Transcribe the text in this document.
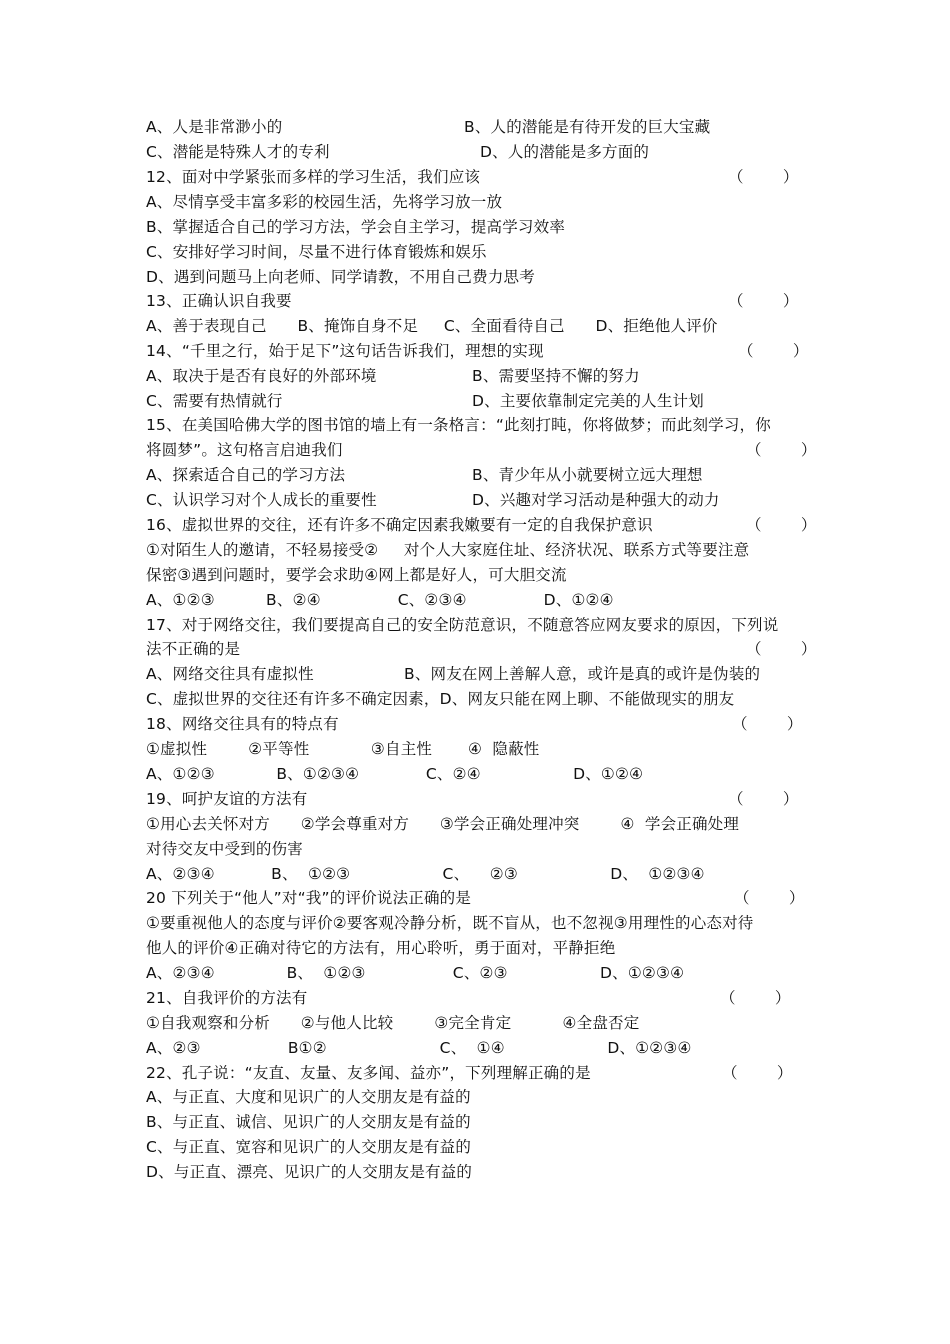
A、人是非常渺小的
C、潜能是特殊人才的专利
12、面对中学紧张而多样的学习生活，我们应该
A、尽情享受丰富多彩的校园生活，先将学习放一放
B、掌握适合自己的学习方法，学会自主学习，提高学习效率
C、安排好学习时间，尽量不进行体育锻炼和娱乐
D、遇到问题马上向老师、同学请教，不用自己费力思考
13、正确认识自我要
A、善于表现自己      B、掩饰自身不足     C、全面看待自己      D、拒绝他人评价
14、“千里之行，始于足下”这句话告诉我们，理想的实现
A、取决于是否有良好的外部环境
C、需要有热情就行
15、在美国哈佛大学的图书馆的墙上有一条格言：“此刻打盹，你将做梦；而此刻学习，你
将圆梦”。这句格言启迪我们
A、探索适合自己的学习方法
C、认识学习对个人成长的重要性
16、虚拟世界的交往，还有许多不确定因素我嫩要有一定的自我保护意识
①对陌生人的邀请，不轻易接受②     对个人大家庭住址、经济状况、联系方式等要注意
保密③遇到问题时，要学会求助④网上都是好人，可大胆交流
A、①②③          B、②④               C、②③④               D、①②④
17、对于网络交往，我们要提高自己的安全防范意识，不随意答应网友要求的原因，下列说
法不正确的是
A、网络交往具有虚拟性
C、虚拟世界的交往还有许多不确定因素，D、网友只能在网上聊、不能做现实的朋友
18、网络交往具有的特点有
①虚拟性        ②平等性            ③自主性       ④  隐蔽性
A、①②③            B、①②③④             C、②④                  D、①②④
19、呵护友谊的方法有
①用心去关怀对方      ②学会尊重对方      ③学会正确处理冲突        ④  学会正确处理
对待交友中受到的伤害
A、②③④           B、  ①②③                  C、    ②③                  D、  ①②③④
20 下列关于“他人”对“我”的评价说法正确的是
①要重视他人的态度与评价②要客观冷静分析，既不盲从，也不忽视③用理性的心态对待
他人的评价④正确对待它的方法有，用心聆听，勇于面对，平静拒绝
A、②③④              B、  ①②③                 C、②③                  D、①②③④
21、自我评价的方法有
①自我观察和分析      ②与他人比较        ③完全肯定          ④全盘否定
A、②③                 B①②                      C、  ①④                    D、①②③④
22、孔子说：“友直、友量、友多闻、益亦”，下列理解正确的是
A、与正直、大度和见识广的人交朋友是有益的
B、与正直、诚信、见识广的人交朋友是有益的
C、与正直、宽容和见识广的人交朋友是有益的
D、与正直、漂亮、见识广的人交朋友是有益的
B、人的潜能是有待开发的巨大宝藏
D、人的潜能是多方面的
B、需要坚持不懈的努力
D、主要依靠制定完美的人生计划
B、青少年从小就要树立远大理想
D、兴趣对学习活动是种强大的动力
B、网友在网上善解人意，或许是真的或许是伪装的
（        ）
（        ）
（        ）
（        ）
（        ）
（        ）
（        ）
（        ）
（        ）
（        ）
（        ）
